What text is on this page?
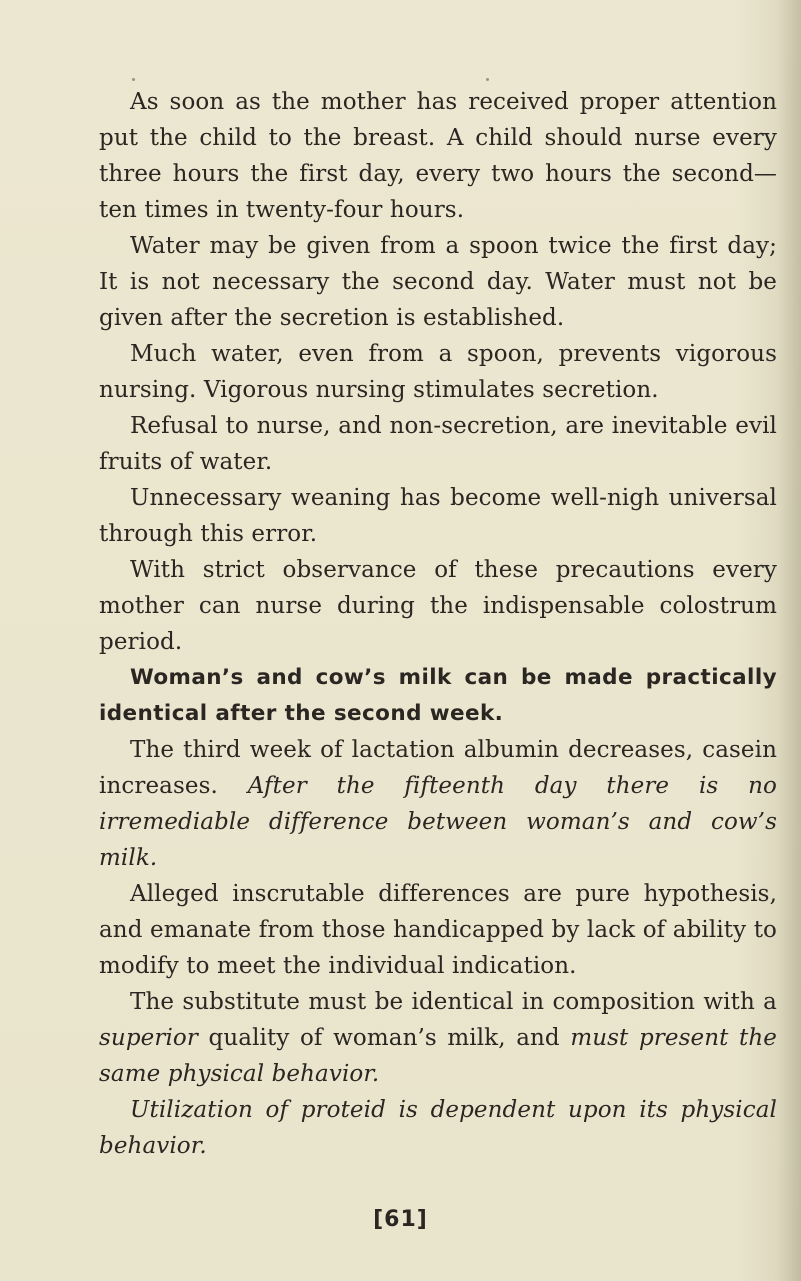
As soon as the mother has received proper attention put the child to the breast. A child should nurse every three hours the first day, every two hours the second— ten times in twenty-four hours.

Water may be given from a spoon twice the first day; It is not necessary the second day. Water must not be given after the secretion is established.

Much water, even from a spoon, prevents vigorous nursing. Vigorous nursing stimulates secretion.

Refusal to nurse, and non-secretion, are inevitable evil fruits of water.

Unnecessary weaning has become well-nigh universal through this error.

With strict observance of these precautions every mother can nurse during the indispensable colostrum period.

Woman’s and cow’s milk can be made practically identical after the second week.

The third week of lactation albumin decreases, casein increases. After the fifteenth day there is no irremediable difference between woman’s and cow’s milk.

Alleged inscrutable differences are pure hypothesis, and emanate from those handicapped by lack of ability to modify to meet the individual indication.

The substitute must be identical in composition with a superior quality of woman’s milk, and must present the same physical behavior.

Utilization of proteid is dependent upon its physical behavior.

[61]
